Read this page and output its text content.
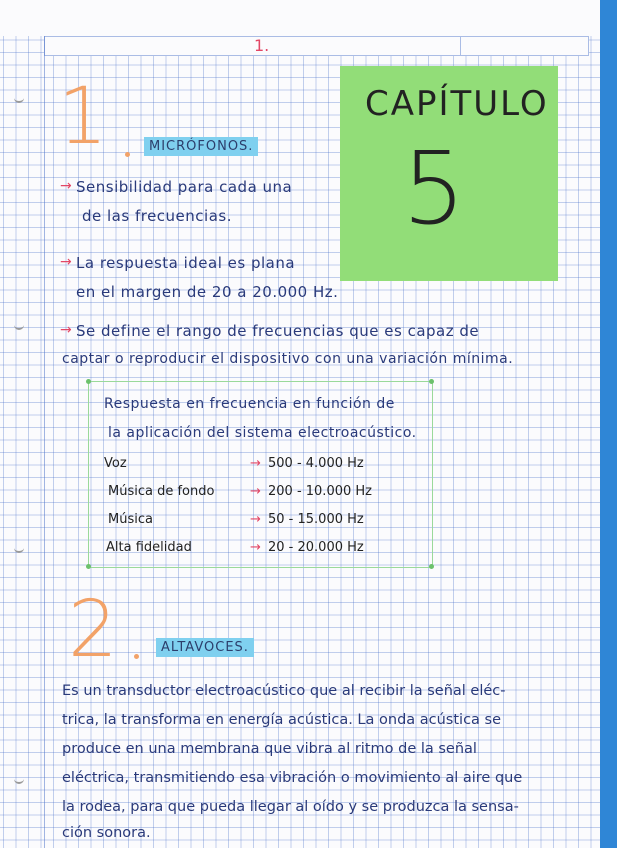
1.
CAPÍTULO
5
1	MICRÓFONOS.
→ Sensibilidad para cada una
de las frecuencias.
→ La respuesta ideal es plana
en el margen de 20 a 20.000 Hz.
→ Se define el rango de frecuencias que es capaz de
captar o reproducir el dispositivo con una variación mínima.
Respuesta en frecuencia en función de
la aplicación del sistema electroacústico.
Voz	→ 500 - 4.000 Hz
Música de fondo	→ 200 - 10.000 Hz
Música	→ 50 - 15.000 Hz
Alta fidelidad	→ 20 - 20.000 Hz
2	ALTAVOCES.
Es un transductor electroacústico que al recibir la señal eléc-
trica, la transforma en energía acústica. La onda acústica se
produce en una membrana que vibra al ritmo de la señal
eléctrica, transmitiendo esa vibración o movimiento al aire que
la rodea, para que pueda llegar al oído y se produzca la sensa-
ción sonora.
